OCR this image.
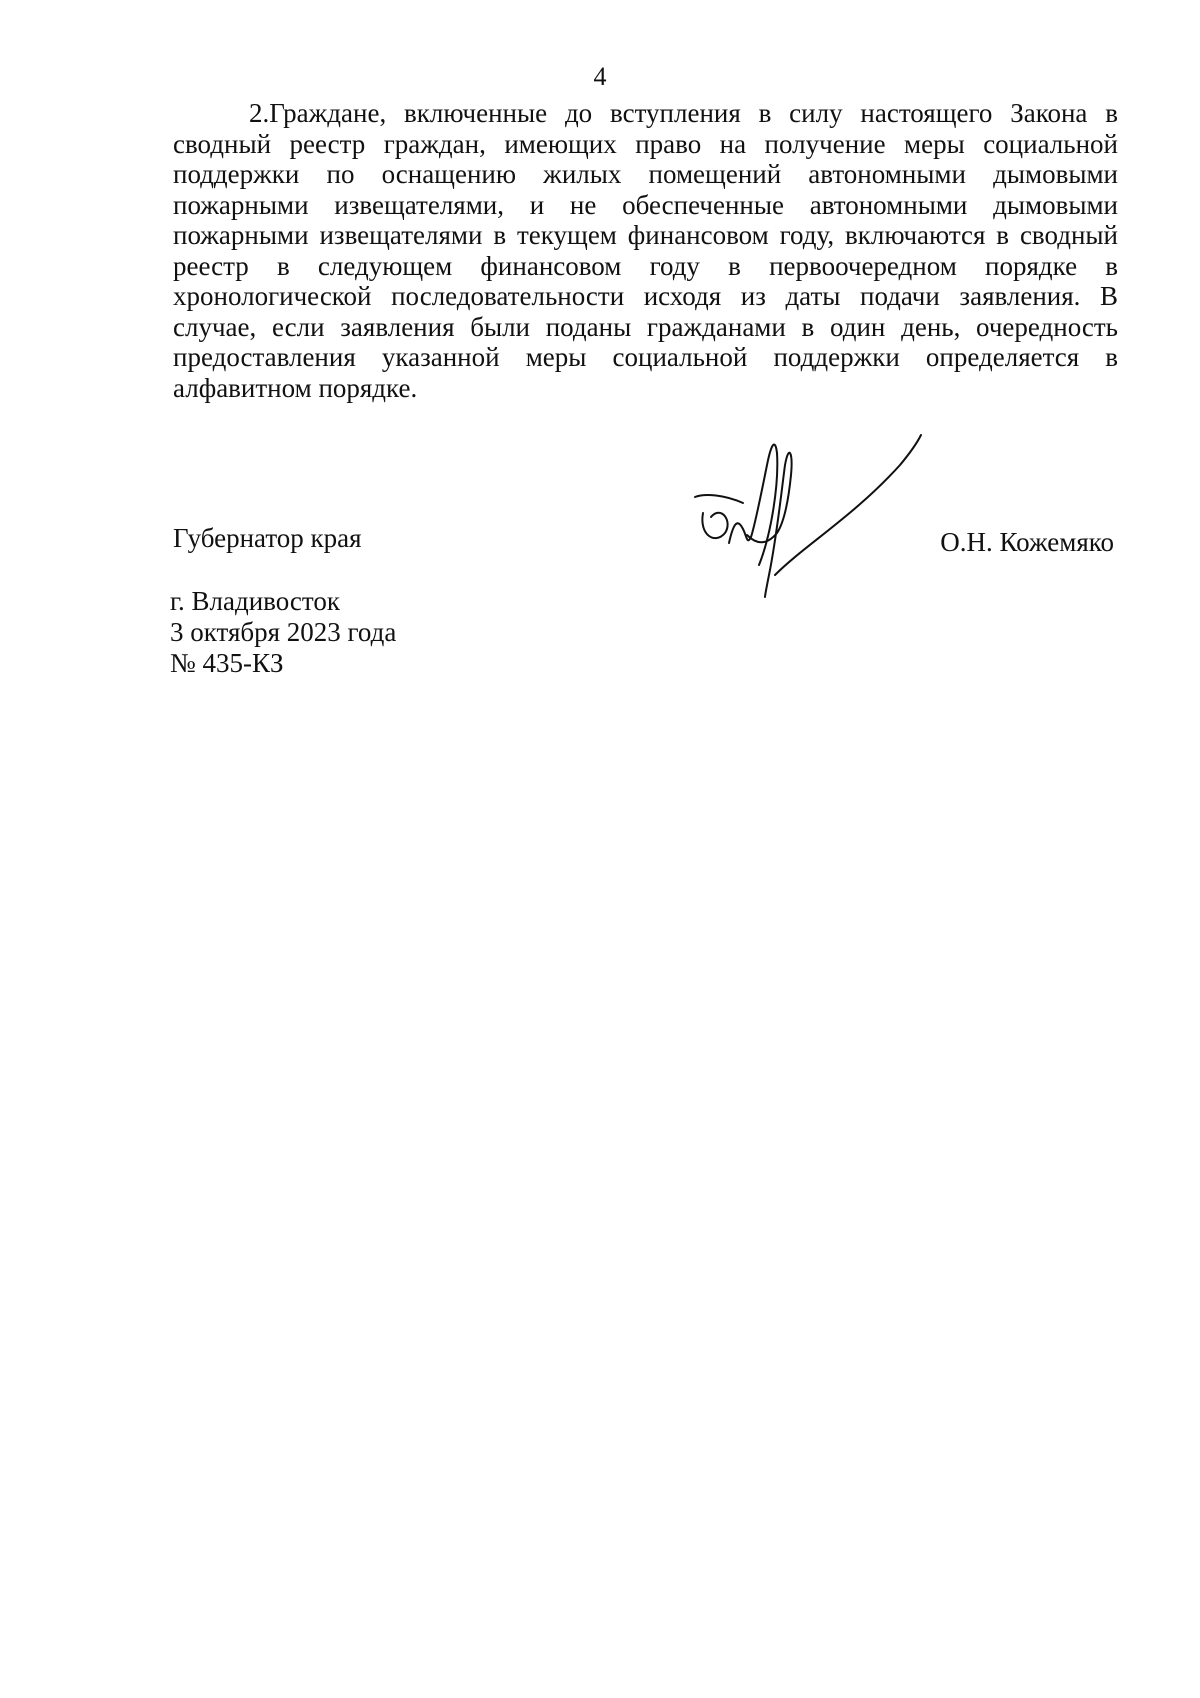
4

2.Граждане, включенные до вступления в силу настоящего Закона в сводный реестр граждан, имеющих право на получение меры социальной поддержки по оснащению жилых помещений автономными дымовыми пожарными извещателями, и не обеспеченные автономными дымовыми пожарными извещателями в текущем финансовом году, включаются в сводный реестр в следующем финансовом году в первоочередном порядке в хронологической последовательности исходя из даты подачи заявления. В случае, если заявления были поданы гражданами в один день, очередность предоставления указанной меры социальной поддержки определяется в алфавитном порядке.

Губернатор края	О.Н. Кожемяко
г. Владивосток
3 октября 2023 года
№ 435-КЗ
